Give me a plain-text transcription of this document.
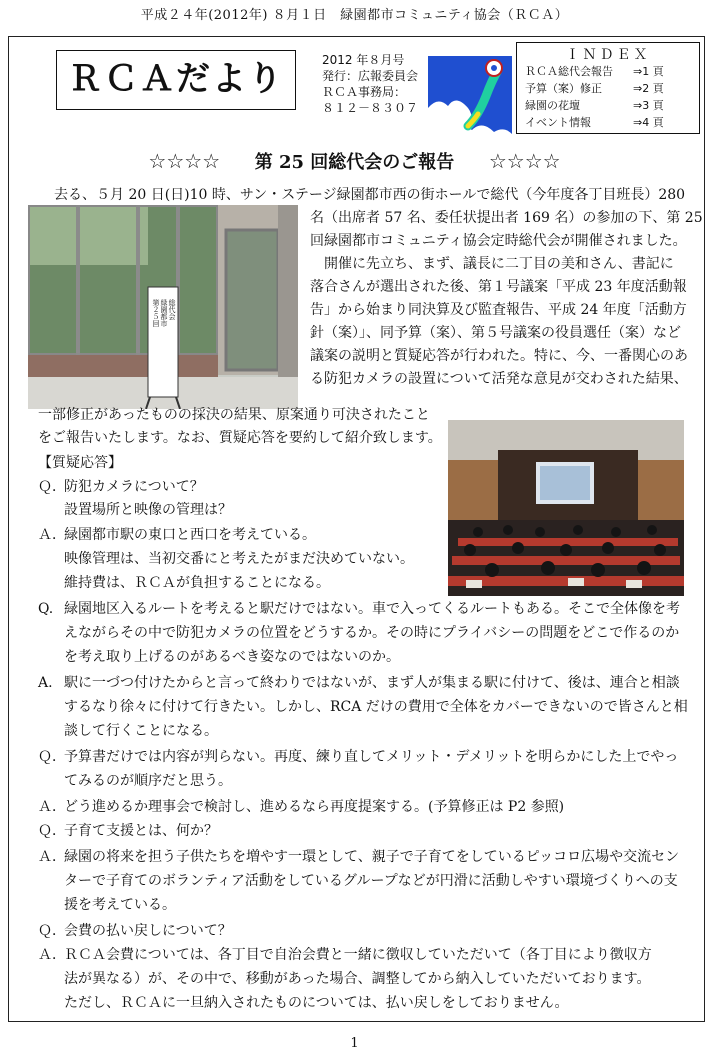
平成２４年(2012年) ８月１日　緑園都市コミュニティ協会（ＲＣＡ）
ＲＣＡだより	2012 年８月号
発行：広報委員会
ＲＣＡ事務局：
８１２－８３０７
ＩＮＤＥＸ
ＲＣＡ総代会報告 ⇒1 頁
予算（案）修正	⇒2 頁
緑園の花壇	⇒3 頁
イベント情報	⇒4 頁
☆☆☆☆ 第 25 回総代会のご報告 ☆☆☆☆
第２５回 緑園都市 総代会
　去る、５月 20 日(日)10 時、サン・ステージ緑園都市西の街ホールで総代（今年度各丁目班長）280
名（出席者 57 名、委任状提出者 169 名）の参加の下、第 25
回緑園都市コミュニティ協会定時総代会が開催されました。
　開催に先立ち、まず、議長に二丁目の美和さん、書記に
落合さんが選出された後、第１号議案「平成 23 年度活動報
告」から始まり同決算及び監査報告、平成 24 年度「活動方
針（案）」、同予算（案）、第５号議案の役員選任（案）など
議案の説明と質疑応答が行われた。特に、今、一番関心のあ
る防犯カメラの設置について活発な意見が交わされた結果、
一部修正があったものの採決の結果、原案通り可決されたこと
をご報告いたします。なお、質疑応答を要約して紹介致します。
【質疑応答】
Ｑ．
防犯カメラについて？
設置場所と映像の管理は？
Ａ．
緑園都市駅の東口と西口を考えている。
映像管理は、当初交番にと考えたがまだ決めていない。
維持費は、ＲＣＡが負担することになる。
Q. 緑園地区入るルートを考えると駅だけではない。車で入ってくるルートもある。そこで全体像を考
えながらその中で防犯カメラの位置をどうするか。その時にプライバシーの問題をどこで作るのか
を考え取り上げるのがあるべき姿なのではないのか。
A. 駅に一づつ付けたからと言って終わりではないが、まず人が集まる駅に付けて、後は、連合と相談
するなり徐々に付けて行きたい。しかし、RCA だけの費用で全体をカバーできないので皆さんと相
談して行くことになる。
Ｑ．
予算書だけでは内容が判らない。再度、練り直してメリット・デメリットを明らかにした上でやっ
てみるのが順序だと思う。
Ａ．
どう進めるか理事会で検討し、進めるなら再度提案する。(予算修正は P2 参照)
Ｑ．
子育て支援とは、何か？
Ａ．
緑園の将来を担う子供たちを増やす一環として、親子で子育てをしているピッコロ広場や交流セン
ターで子育てのボランティア活動をしているグループなどが円滑に活動しやすい環境づくりへの支
援を考えている。
Ｑ．
会費の払い戻しについて？
Ａ．
ＲＣＡ会費については、各丁目で自治会費と一緒に徴収していただいて（各丁目により徴収方
法が異なる）が、その中で、移動があった場合、調整してから納入していただいております。
ただし、ＲＣＡに一旦納入されたものについては、払い戻しをしておりません。
1
